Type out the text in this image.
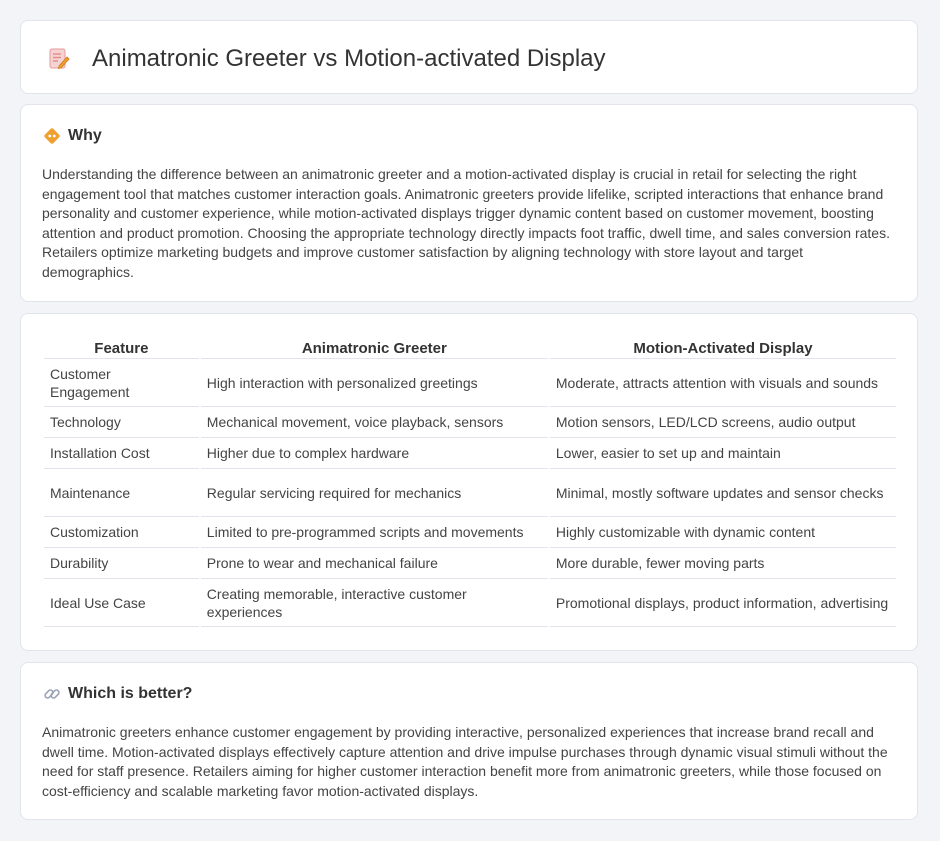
Animatronic Greeter vs Motion-activated Display
Why

Understanding the difference between an animatronic greeter and a motion-activated display is crucial in retail for selecting the right engagement tool that matches customer interaction goals. Animatronic greeters provide lifelike, scripted interactions that enhance brand personality and customer experience, while motion-activated displays trigger dynamic content based on customer movement, boosting attention and product promotion. Choosing the appropriate technology directly impacts foot traffic, dwell time, and sales conversion rates. Retailers optimize marketing budgets and improve customer satisfaction by aligning technology with store layout and target demographics.

Feature	Animatronic Greeter	Motion-Activated Display
Customer Engagement	High interaction with personalized greetings	Moderate, attracts attention with visuals and sounds
Technology	Mechanical movement, voice playback, sensors	Motion sensors, LED/LCD screens, audio output
Installation Cost	Higher due to complex hardware	Lower, easier to set up and maintain
Maintenance	Regular servicing required for mechanics	Minimal, mostly software updates and sensor checks
Customization	Limited to pre-programmed scripts and movements	Highly customizable with dynamic content
Durability	Prone to wear and mechanical failure	More durable, fewer moving parts
Ideal Use Case	Creating memorable, interactive customer experiences	Promotional displays, product information, advertising
Which is better?

Animatronic greeters enhance customer engagement by providing interactive, personalized experiences that increase brand recall and dwell time. Motion-activated displays effectively capture attention and drive impulse purchases through dynamic visual stimuli without the need for staff presence. Retailers aiming for higher customer interaction benefit more from animatronic greeters, while those focused on cost-efficiency and scalable marketing favor motion-activated displays.
